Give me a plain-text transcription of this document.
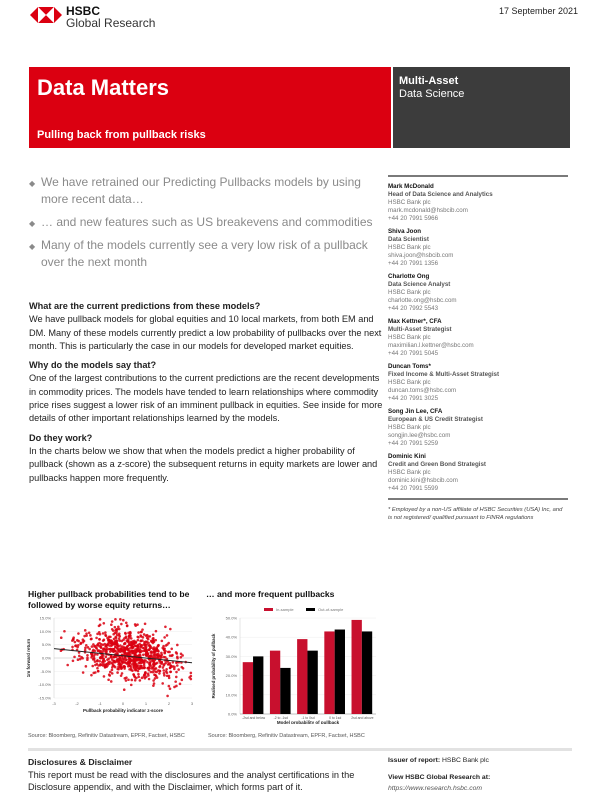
HSBC
Global Research
17 September 2021
Data Matters
Pulling back from pullback risks
Multi-Asset
Data Science
◆ We have retrained our Predicting Pullbacks models by using more recent data…
◆ … and new features such as US breakevens and commodities
◆ Many of the models currently see a very low risk of a pullback over the next month
What are the current predictions from these models?

We have pullback models for global equities and 10 local markets, from both EM and DM. Many of these models currently predict a low probability of pullbacks over the next month. This is particularly the case in our models for developed market equities.

Why do the models say that?

One of the largest contributions to the current predictions are the recent developments in commodity prices. The models have tended to learn relationships where commodity price rises suggest a lower risk of an imminent pullback in equities. See inside for more details of other important relationships learned by the models.

Do they work?

In the charts below we show that when the models predict a higher probability of pullback (shown as a z-score) the subsequent returns in equity markets are lower and pullbacks happen more frequently.

Mark McDonald
Head of Data Science and Analytics
HSBC Bank plc
mark.mcdonald@hsbcib.com
+44 20 7991 5966
Shiva Joon
Data Scientist
HSBC Bank plc
shiva.joon@hsbcib.com
+44 20 7991 1356
Charlotte Ong
Data Science Analyst
HSBC Bank plc
charlotte.ong@hsbc.com
+44 20 7992 5543
Max Kettner*, CFA
Multi-Asset Strategist
HSBC Bank plc
maximilian.l.kettner@hsbc.com
+44 20 7991 5045
Duncan Toms*
Fixed Income & Multi-Asset Strategist
HSBC Bank plc
duncan.toms@hsbc.com
+44 20 7991 3025
Song Jin Lee, CFA
European & US Credit Strategist
HSBC Bank plc
songjin.lee@hsbc.com
+44 20 7991 5259
Dominic Kini
Credit and Green Bond Strategist
HSBC Bank plc
dominic.kini@hsbcib.com
+44 20 7991 5599
* Employed by a non-US affiliate of HSBC Securities (USA) Inc, and is not registered/ qualified pursuant to FINRA regulations
Higher pullback probabilities tend to be followed by worse equity returns…
15.0%
10.0%
5.0%
0.0%
-5.0%
-10.0%
-15.0%
-3	-2	-1	0	1	2	3
Pullback probability indicator z-score
1m forward return
Source: Bloomberg, Refinitiv Datastream, EPFR, Factset, HSBC
… and more frequent pullbacks
In-sample	Out-of-sample
0.0%
10.0%
20.0%
30.0%
40.0%
50.0%
-2sd and below	-2 to -1sd	-1 to 0sd	0 to 1sd	2sd and above
Model probability of pullback
Realised probability of pullback
Source: Bloomberg, Refinitiv Datastream, EPFR, Factset, HSBC
Disclosures & Disclaimer
This report must be read with the disclosures and the analyst certifications in the Disclosure appendix, and with the Disclaimer, which forms part of it.
Issuer of report: HSBC Bank plc
View HSBC Global Research at:
https://www.research.hsbc.com
